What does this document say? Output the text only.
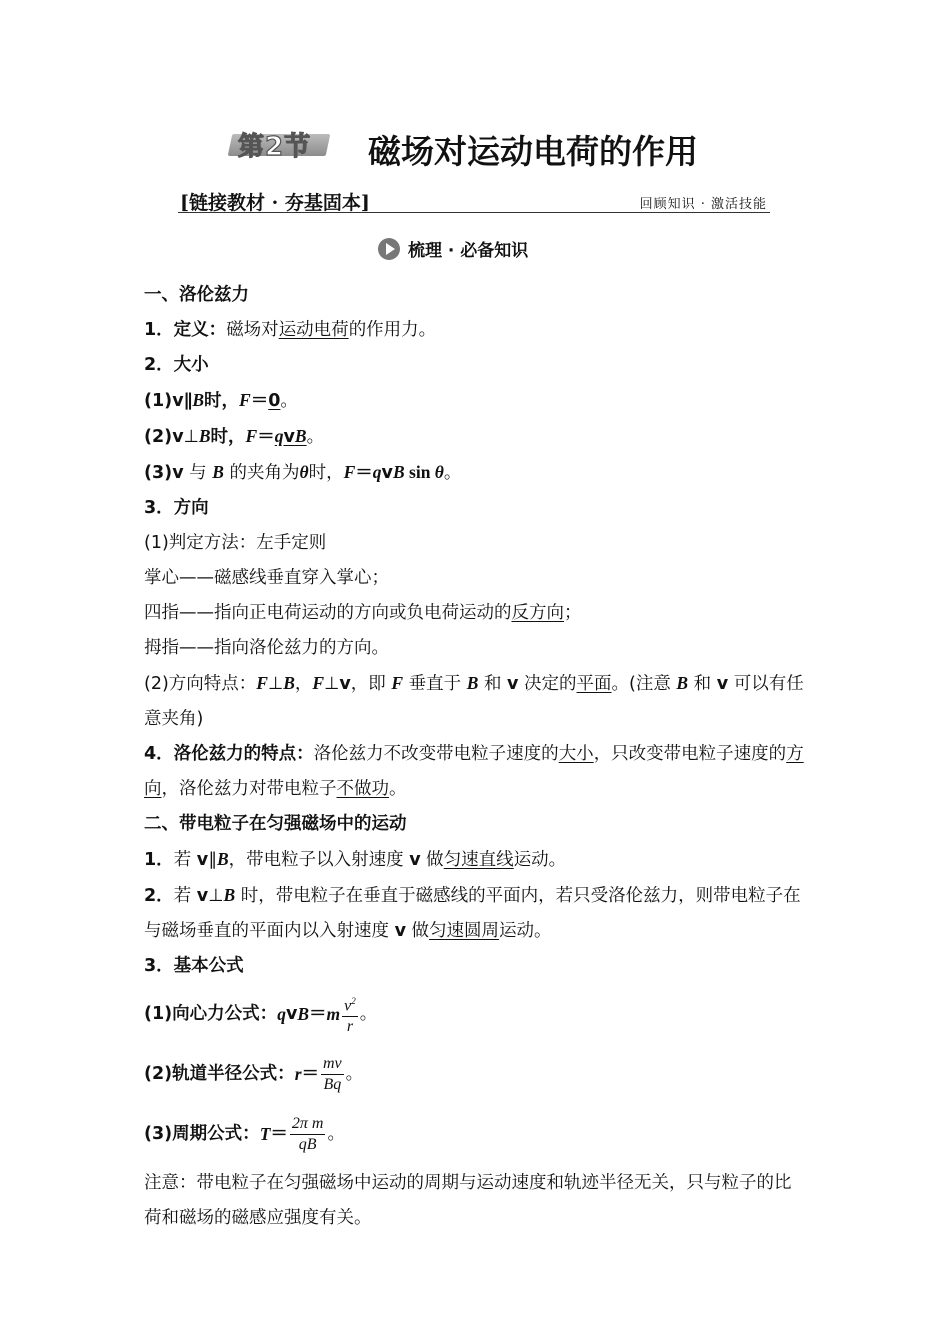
第2节 磁场对运动电荷的作用
[链接教材 · 夯基固本]	回顾知识 · 激活技能
梳理 · 必备知识

一、洛伦兹力

1．定义：磁场对运动电荷的作用力。

2．大小

(1)v∥B时，F＝0。

(2)v⊥B时，F＝qvB。

(3)v 与 B 的夹角为θ时，F＝qvB sin θ。

3．方向

(1)判定方法：左手定则

掌心——磁感线垂直穿入掌心；

四指——指向正电荷运动的方向或负电荷运动的反方向；

拇指——指向洛伦兹力的方向。

(2)方向特点：F⊥B，F⊥v，即 F 垂直于 B 和 v 决定的平面。(注意 B 和 v 可以有任意夹角)

4．洛伦兹力的特点：洛伦兹力不改变带电粒子速度的大小，只改变带电粒子速度的方向，洛伦兹力对带电粒子不做功。

二、带电粒子在匀强磁场中的运动

1．若 v∥B，带电粒子以入射速度 v 做匀速直线运动。

2．若 v⊥B 时，带电粒子在垂直于磁感线的平面内，若只受洛伦兹力，则带电粒子在与磁场垂直的平面内以入射速度 v 做匀速圆周运动。

3．基本公式

(1)向心力公式： q v B ＝ m $\frac{v^2}{r}$ 。
(2)轨道半径公式： $r = \frac{mv}{Bq}$ 。
(3)周期公式： $T = \frac{\text{2π m}}{qB}$ 。

注意：带电粒子在匀强磁场中运动的周期与运动速度和轨迹半径无关，只与粒子的比荷和磁场的磁感应强度有关。
